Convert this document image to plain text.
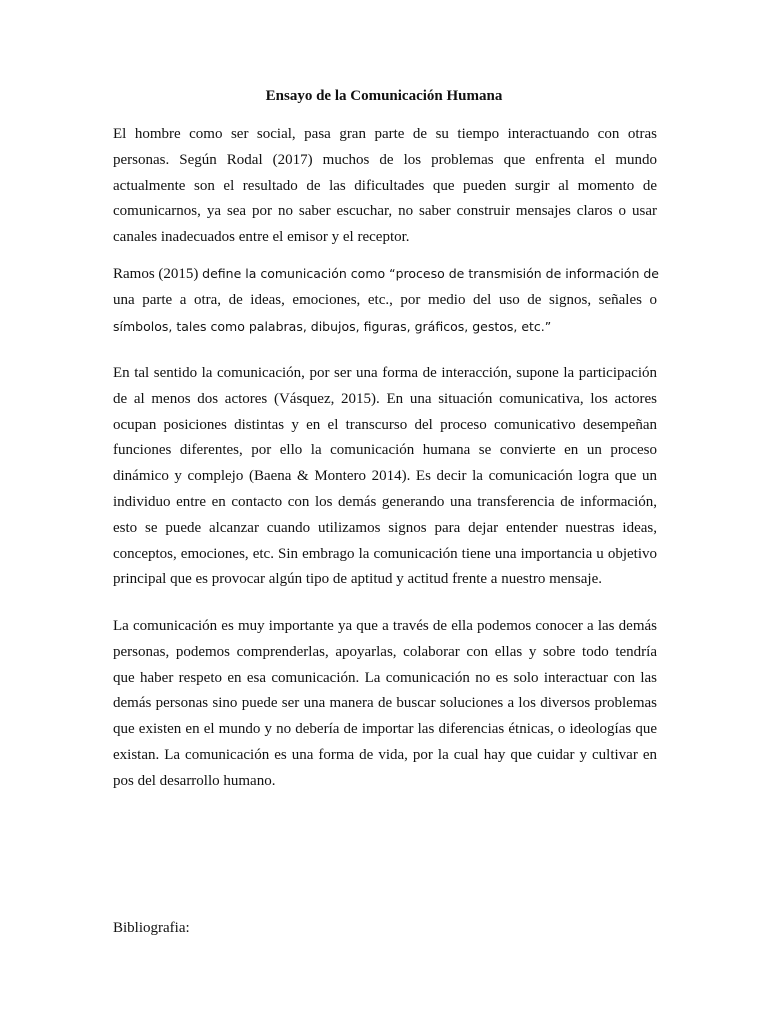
Ensayo de la Comunicación Humana

El hombre como ser social, pasa gran parte de su tiempo interactuando con otras
personas. Según Rodal (2017) muchos de los problemas que enfrenta el mundo
actualmente son el resultado de las dificultades que pueden surgir al momento de
comunicarnos, ya sea por no saber escuchar, no saber construir mensajes claros o usar
canales inadecuados entre el emisor y el receptor.

Ramos (2015) define la comunicación como “proceso de transmisión de información de
una parte a otra, de ideas, emociones, etc., por medio del uso de signos, señales o
símbolos, tales como palabras, dibujos, figuras, gráficos, gestos, etc.”

En tal sentido la comunicación, por ser una forma de interacción, supone la participación
de al menos dos actores (Vásquez, 2015). En una situación comunicativa, los actores
ocupan posiciones distintas y en el transcurso del proceso comunicativo desempeñan
funciones diferentes, por ello la comunicación humana se convierte en un proceso
dinámico y complejo (Baena & Montero 2014). Es decir la comunicación logra que un
individuo entre en contacto con los demás generando una transferencia de información,
esto se puede alcanzar cuando utilizamos signos para dejar entender nuestras ideas,
conceptos, emociones, etc. Sin embrago la comunicación tiene una importancia u objetivo
principal que es provocar algún tipo de aptitud y actitud frente a nuestro mensaje.

La comunicación es muy importante ya que a través de ella podemos conocer a las demás
personas, podemos comprenderlas, apoyarlas, colaborar con ellas y sobre todo tendría
que haber respeto en esa comunicación. La comunicación no es solo interactuar con las
demás personas sino puede ser una manera de buscar soluciones a los diversos problemas
que existen en el mundo y no debería de importar las diferencias étnicas, o ideologías que
existan. La comunicación es una forma de vida, por la cual hay que cuidar y cultivar en
pos del desarrollo humano.

Bibliografia:
